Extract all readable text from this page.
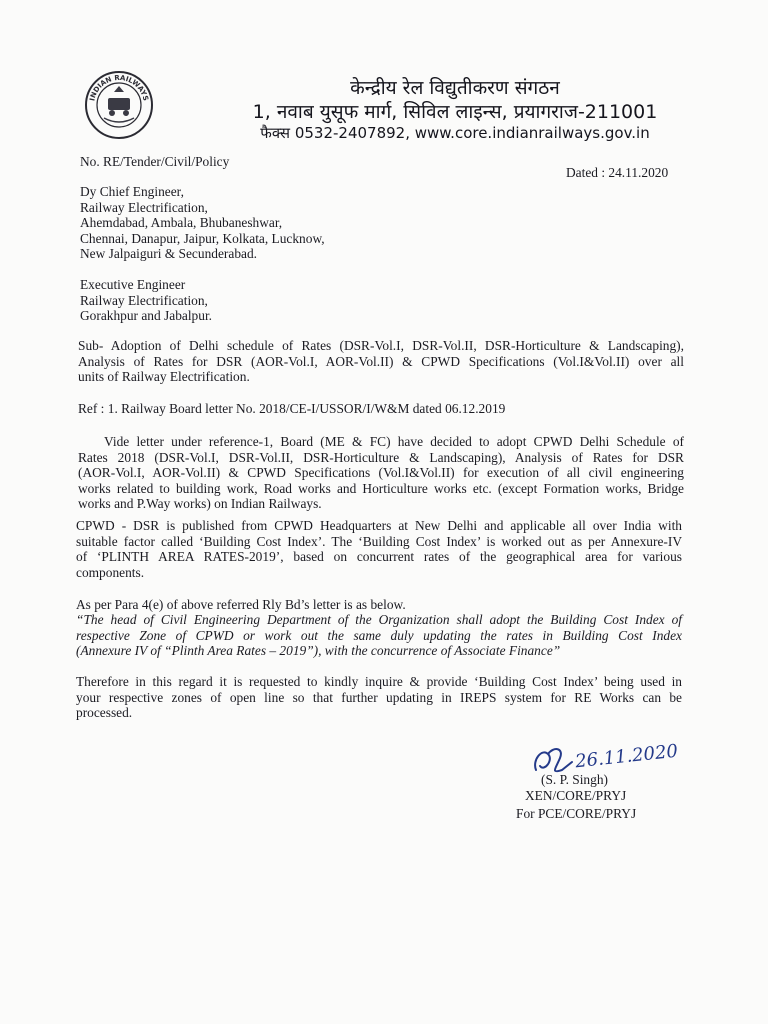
INDIAN RAILWAYS	केन्द्रीय रेल विद्युतीकरण संगठन
1, नवाब युसूफ मार्ग, सिविल लाइन्स, प्रयागराज-211001
फैक्स 0532-2407892, www.core.indianrailways.gov.in
No. RE/Tender/Civil/Policy
Dated : 24.11.2020
Dy Chief Engineer,
Railway Electrification,
Ahemdabad, Ambala, Bhubaneshwar,
Chennai, Danapur, Jaipur, Kolkata, Lucknow,
New Jalpaiguri & Secunderabad.
Executive Engineer
Railway Electrification,
Gorakhpur and Jabalpur.
Sub- Adoption of Delhi schedule of Rates (DSR-Vol.I, DSR-Vol.II, DSR-Horticulture & Landscaping),
Analysis of Rates for DSR (AOR-Vol.I, AOR-Vol.II) & CPWD Specifications (Vol.I&Vol.II) over all
units of Railway Electrification.
Ref : 1. Railway Board letter No. 2018/CE-I/USSOR/I/W&M dated 06.12.2019
Vide letter under reference-1, Board (ME & FC) have decided to adopt CPWD Delhi Schedule of
Rates 2018 (DSR-Vol.I, DSR-Vol.II, DSR-Horticulture & Landscaping), Analysis of Rates for DSR
(AOR-Vol.I, AOR-Vol.II) & CPWD Specifications (Vol.I&Vol.II) for execution of all civil engineering
works related to building work, Road works and Horticulture works etc. (except Formation works, Bridge
works and P.Way works) on Indian Railways.
CPWD - DSR is published from CPWD Headquarters at New Delhi and applicable all over India with
suitable factor called ‘Building Cost Index’. The ‘Building Cost Index’ is worked out as per Annexure-IV
of ‘PLINTH AREA RATES-2019’, based on concurrent rates of the geographical area for various
components.
As per Para 4(e) of above referred Rly Bd’s letter is as below.
“The head of Civil Engineering Department of the Organization shall adopt the Building Cost Index of
respective Zone of CPWD or work out the same duly updating the rates in Building Cost Index
(Annexure IV of “Plinth Area Rates – 2019”), with the concurrence of Associate Finance”
Therefore in this regard it is requested to kindly inquire & provide ‘Building Cost Index’ being used in
your respective zones of open line so that further updating in IREPS system for RE Works can be
processed.
26.11.2020
(S. P. Singh)
XEN/CORE/PRYJ
For PCE/CORE/PRYJ
